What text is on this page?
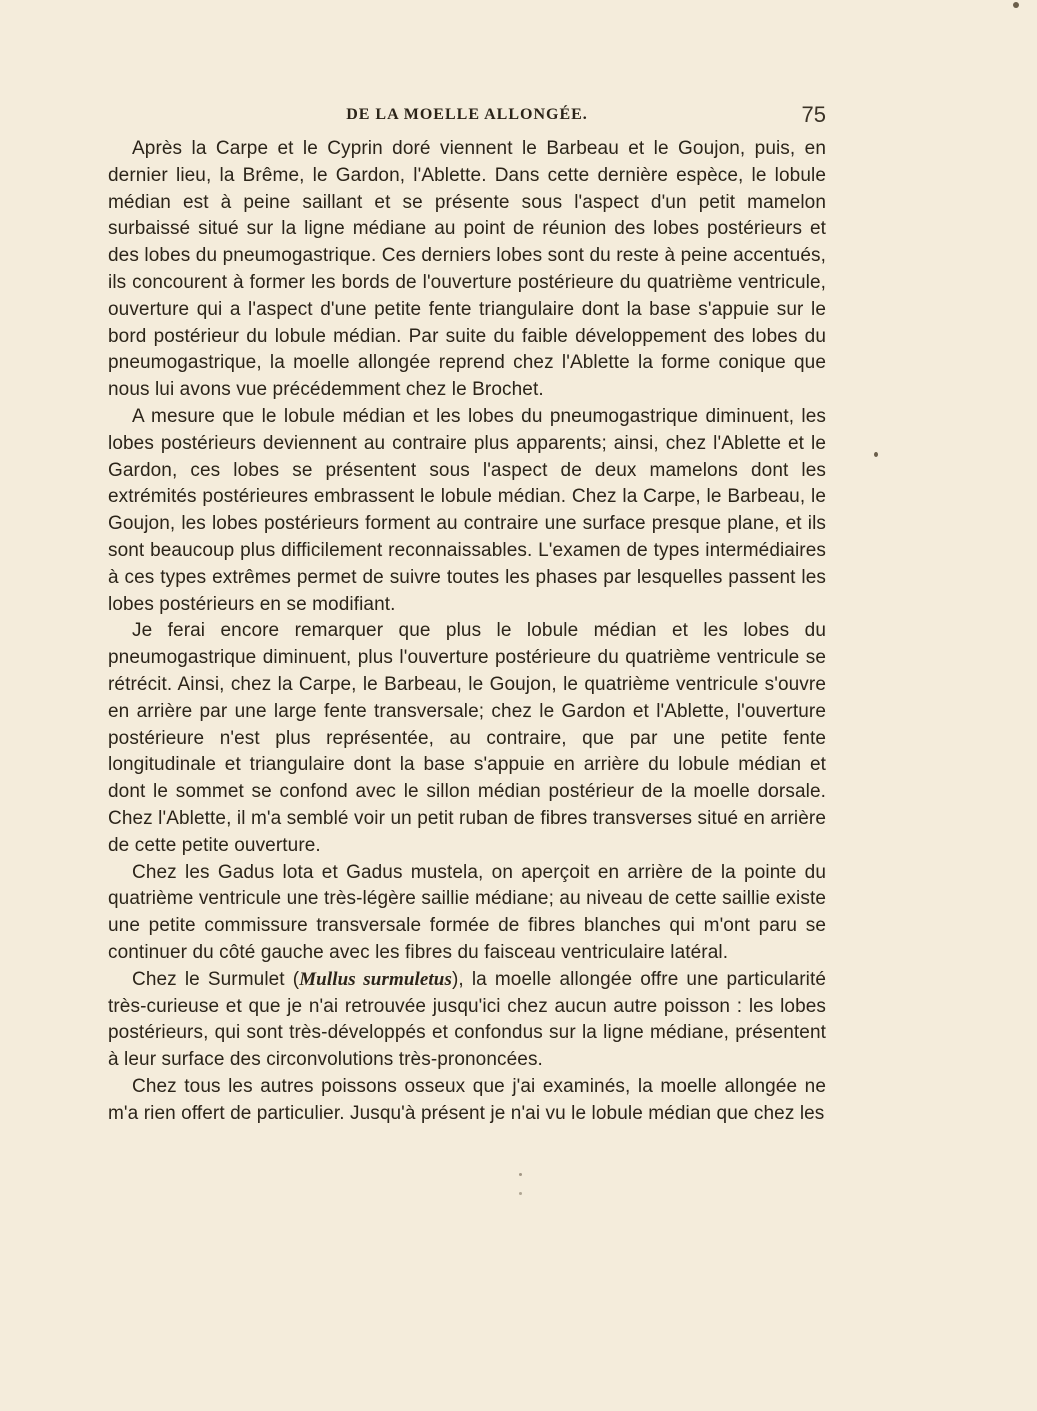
DE LA MOELLE ALLONGÉE.	75

Après la Carpe et le Cyprin doré viennent le Barbeau et le Goujon, puis, en dernier lieu, la Brême, le Gardon, l'Ablette. Dans cette dernière espèce, le lobule médian est à peine saillant et se présente sous l'aspect d'un petit mamelon surbaissé situé sur la ligne médiane au point de réunion des lobes postérieurs et des lobes du pneumogastrique. Ces derniers lobes sont du reste à peine accentués, ils concourent à former les bords de l'ouverture postérieure du quatrième ventricule, ouverture qui a l'aspect d'une petite fente triangulaire dont la base s'appuie sur le bord postérieur du lobule médian. Par suite du faible développement des lobes du pneumogastrique, la moelle allongée reprend chez l'Ablette la forme conique que nous lui avons vue précédemment chez le Brochet.

A mesure que le lobule médian et les lobes du pneumogastrique diminuent, les lobes postérieurs deviennent au contraire plus apparents; ainsi, chez l'Ablette et le Gardon, ces lobes se présentent sous l'aspect de deux mamelons dont les extrémités postérieures embrassent le lobule médian. Chez la Carpe, le Barbeau, le Goujon, les lobes postérieurs forment au contraire une surface presque plane, et ils sont beaucoup plus difficilement reconnaissables. L'examen de types intermédiaires à ces types extrêmes permet de suivre toutes les phases par lesquelles passent les lobes postérieurs en se modifiant.

Je ferai encore remarquer que plus le lobule médian et les lobes du pneumogastrique diminuent, plus l'ouverture postérieure du quatrième ventricule se rétrécit. Ainsi, chez la Carpe, le Barbeau, le Goujon, le quatrième ventricule s'ouvre en arrière par une large fente transversale; chez le Gardon et l'Ablette, l'ouverture postérieure n'est plus représentée, au contraire, que par une petite fente longitudinale et triangulaire dont la base s'appuie en arrière du lobule médian et dont le sommet se confond avec le sillon médian postérieur de la moelle dorsale. Chez l'Ablette, il m'a semblé voir un petit ruban de fibres transverses situé en arrière de cette petite ouverture.

Chez les Gadus lota et Gadus mustela, on aperçoit en arrière de la pointe du quatrième ventricule une très-légère saillie médiane; au niveau de cette saillie existe une petite commissure transversale formée de fibres blanches qui m'ont paru se continuer du côté gauche avec les fibres du faisceau ventriculaire latéral.

Chez le Surmulet (Mullus surmuletus), la moelle allongée offre une particularité très-curieuse et que je n'ai retrouvée jusqu'ici chez aucun autre poisson : les lobes postérieurs, qui sont très-développés et confondus sur la ligne médiane, présentent à leur surface des circonvolutions très-prononcées.

Chez tous les autres poissons osseux que j'ai examinés, la moelle allongée ne m'a rien offert de particulier. Jusqu'à présent je n'ai vu le lobule médian que chez les
